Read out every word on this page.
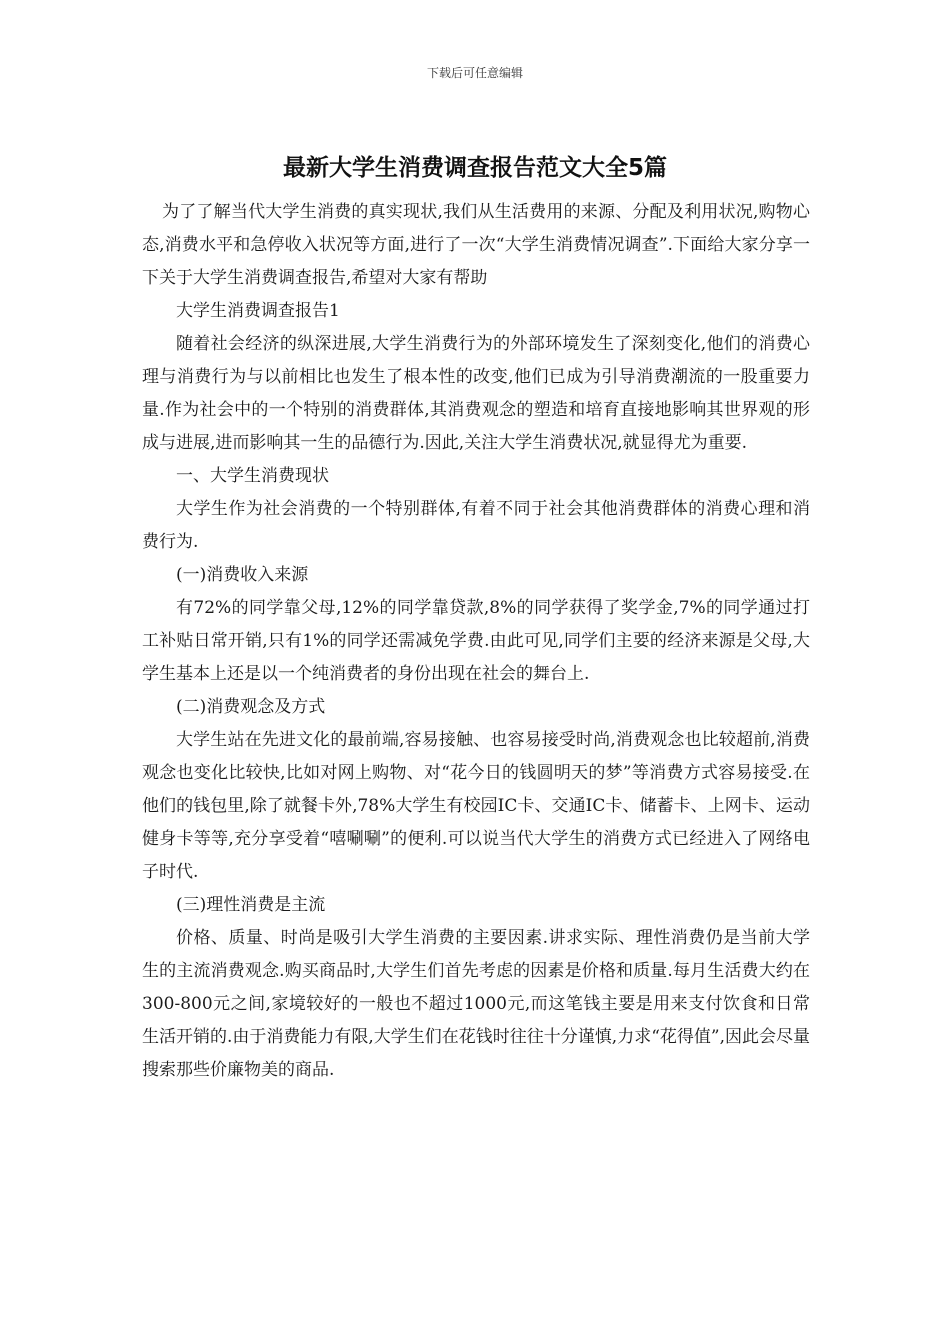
下载后可任意编辑
最新大学生消费调查报告范文大全5篇

为了了解当代大学生消费的真实现状,我们从生活费用的来源、分配及利用状况,购物心态,消费水平和急停收入状况等方面,进行了一次“大学生消费情况调查”.下面给大家分享一下关于大学生消费调查报告,希望对大家有帮助

大学生消费调查报告1

随着社会经济的纵深进展,大学生消费行为的外部环境发生了深刻变化,他们的消费心理与消费行为与以前相比也发生了根本性的改变,他们已成为引导消费潮流的一股重要力量.作为社会中的一个特别的消费群体,其消费观念的塑造和培育直接地影响其世界观的形成与进展,进而影响其一生的品德行为.因此,关注大学生消费状况,就显得尤为重要.

一、大学生消费现状

大学生作为社会消费的一个特别群体,有着不同于社会其他消费群体的消费心理和消费行为.

(一)消费收入来源

有72%的同学靠父母,12%的同学靠贷款,8%的同学获得了奖学金,7%的同学通过打工补贴日常开销,只有1%的同学还需减免学费.由此可见,同学们主要的经济来源是父母,大学生基本上还是以一个纯消费者的身份出现在社会的舞台上.

(二)消费观念及方式

大学生站在先进文化的最前端,容易接触、也容易接受时尚,消费观念也比较超前,消费观念也变化比较快,比如对网上购物、对“花今日的钱圆明天的梦”等消费方式容易接受.在他们的钱包里,除了就餐卡外,78%大学生有校园IC卡、交通IC卡、储蓄卡、上网卡、运动健身卡等等,充分享受着“嘻唰唰”的便利.可以说当代大学生的消费方式已经进入了网络电子时代.

(三)理性消费是主流

价格、质量、时尚是吸引大学生消费的主要因素.讲求实际、理性消费仍是当前大学生的主流消费观念.购买商品时,大学生们首先考虑的因素是价格和质量.每月生活费大约在300-800元之间,家境较好的一般也不超过1000元,而这笔钱主要是用来支付饮食和日常生活开销的.由于消费能力有限,大学生们在花钱时往往十分谨慎,力求“花得值”,因此会尽量搜索那些价廉物美的商品.
